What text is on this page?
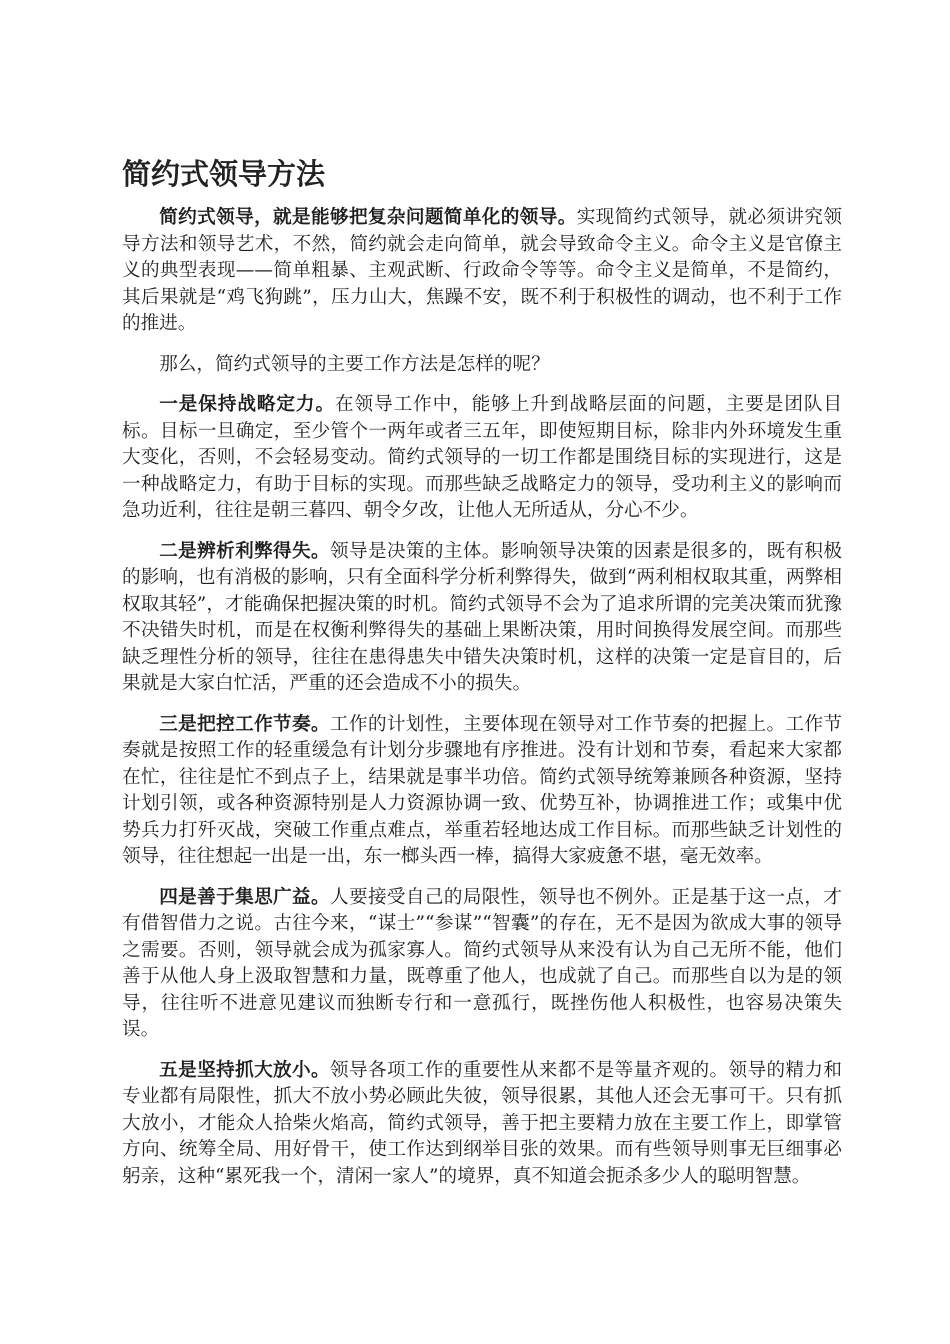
简约式领导方法

简约式领导，就是能够把复杂问题简单化的领导。实现简约式领导，就必须讲究领导方法和领导艺术，不然，简约就会走向简单，就会导致命令主义。命令主义是官僚主义的典型表现——简单粗暴、主观武断、行政命令等等。命令主义是简单，不是简约，其后果就是“鸡飞狗跳”，压力山大，焦躁不安，既不利于积极性的调动，也不利于工作的推进。

那么，简约式领导的主要工作方法是怎样的呢？

一是保持战略定力。在领导工作中，能够上升到战略层面的问题，主要是团队目标。目标一旦确定，至少管个一两年或者三五年，即使短期目标，除非内外环境发生重大变化，否则，不会轻易变动。简约式领导的一切工作都是围绕目标的实现进行，这是一种战略定力，有助于目标的实现。而那些缺乏战略定力的领导，受功利主义的影响而急功近利，往往是朝三暮四、朝令夕改，让他人无所适从，分心不少。

二是辨析利弊得失。领导是决策的主体。影响领导决策的因素是很多的，既有积极的影响，也有消极的影响，只有全面科学分析利弊得失，做到“两利相权取其重，两弊相权取其轻”，才能确保把握决策的时机。简约式领导不会为了追求所谓的完美决策而犹豫不决错失时机，而是在权衡利弊得失的基础上果断决策，用时间换得发展空间。而那些缺乏理性分析的领导，往往在患得患失中错失决策时机，这样的决策一定是盲目的，后果就是大家白忙活，严重的还会造成不小的损失。

三是把控工作节奏。工作的计划性，主要体现在领导对工作节奏的把握上。工作节奏就是按照工作的轻重缓急有计划分步骤地有序推进。没有计划和节奏，看起来大家都在忙，往往是忙不到点子上，结果就是事半功倍。简约式领导统筹兼顾各种资源，坚持计划引领，或各种资源特别是人力资源协调一致、优势互补，协调推进工作；或集中优势兵力打歼灭战，突破工作重点难点，举重若轻地达成工作目标。而那些缺乏计划性的领导，往往想起一出是一出，东一榔头西一棒，搞得大家疲惫不堪，毫无效率。

四是善于集思广益。人要接受自己的局限性，领导也不例外。正是基于这一点，才有借智借力之说。古往今来，“谋士”“参谋”“智囊”的存在，无不是因为欲成大事的领导之需要。否则，领导就会成为孤家寡人。简约式领导从来没有认为自己无所不能，他们善于从他人身上汲取智慧和力量，既尊重了他人，也成就了自己。而那些自以为是的领导，往往听不进意见建议而独断专行和一意孤行，既挫伤他人积极性，也容易决策失误。

五是坚持抓大放小。领导各项工作的重要性从来都不是等量齐观的。领导的精力和专业都有局限性，抓大不放小势必顾此失彼，领导很累，其他人还会无事可干。只有抓大放小，才能众人拾柴火焰高，简约式领导，善于把主要精力放在主要工作上，即掌管方向、统筹全局、用好骨干，使工作达到纲举目张的效果。而有些领导则事无巨细事必躬亲，这种“累死我一个，清闲一家人”的境界，真不知道会扼杀多少人的聪明智慧。
